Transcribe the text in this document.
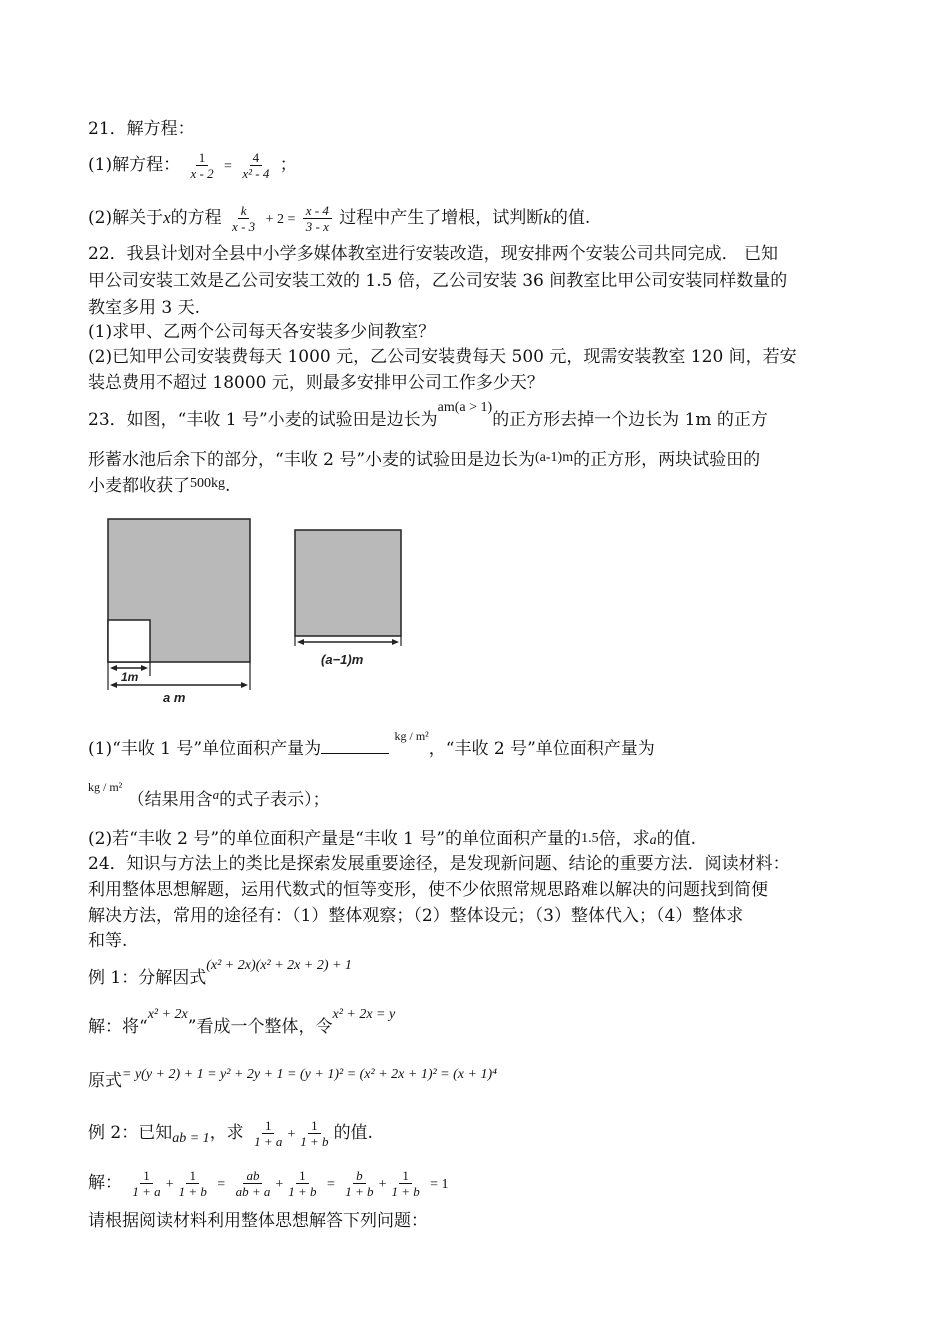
21．解方程：
(1)解方程： $\frac{1}{x - 2} = \frac{4}{\text{x² - 4}}$ ；
(2)解关于x的方程 $\frac{k}{x - 3} + 2 = \frac{x - 4}{3 - x}$ 过程中产生了增根，试判断k的值.
22．我县计划对全县中小学多媒体教室进行安装改造，现安排两个安装公司共同完成． 已知
甲公司安装工效是乙公司安装工效的 1.5 倍，乙公司安装 36 间教室比甲公司安装同样数量的
教室多用 3 天.
(1)求甲、乙两个公司每天各安装多少间教室？
(2)已知甲公司安装费每天 1000 元，乙公司安装费每天 500 元，现需安装教室 120 间，若安
装总费用不超过 18000 元，则最多安排甲公司工作多少天？
23．如图，“丰收 1 号”小麦的试验田是边长为$^{am(a > 1)}$的正方形去掉一个边长为 1m 的正方
形蓄水池后余下的部分，“丰收 2 号”小麦的试验田是边长为$^{(a-1)m}$的正方形，两块试验田的
小麦都收获了$^{500kg}$.
1m
a m
(a−1)m
(1)“丰收 1 号”单位面积产量为 $^{kg / m^2}$，“丰收 2 号”单位面积产量为
$^{kg / m^2}$ （结果用含$^a$的式子表示）；
(2)若“丰收 2 号”的单位面积产量是“丰收 1 号”的单位面积产量的1.5倍，求a的值.
24．知识与方法上的类比是探索发展重要途径，是发现新问题、结论的重要方法．阅读材料：
利用整体思想解题，运用代数式的恒等变形，使不少依照常规思路难以解决的问题找到简便
解决方法，常用的途径有：（1）整体观察；（2）整体设元；（3）整体代入；（4）整体求
和等.
例 1：分解因式$^{(x^2 + 2x)(x^2 + 2x + 2) + 1}$
解：将“$^{x^2 + 2x}$”看成一个整体，令$^{x^2 + 2x = y}$
原式$^{= y(y + 2) + 1 = y^2 + 2y + 1 = (y + 1)^2 = (x^2 + 2x + 1)^2 = (x + 1)^4}$
例 2：已知$_{ab = 1}$，求 $\frac{1}{1 + a} + \frac{1}{1 + b}$ 的值.
解： $\frac{1}{1 + a} + \frac{1}{1 + b} = \frac{ab}{ab + a} + \frac{1}{1 + b} = \frac{b}{1 + b} + \frac{1}{1 + b} = 1$
请根据阅读材料利用整体思想解答下列问题：
